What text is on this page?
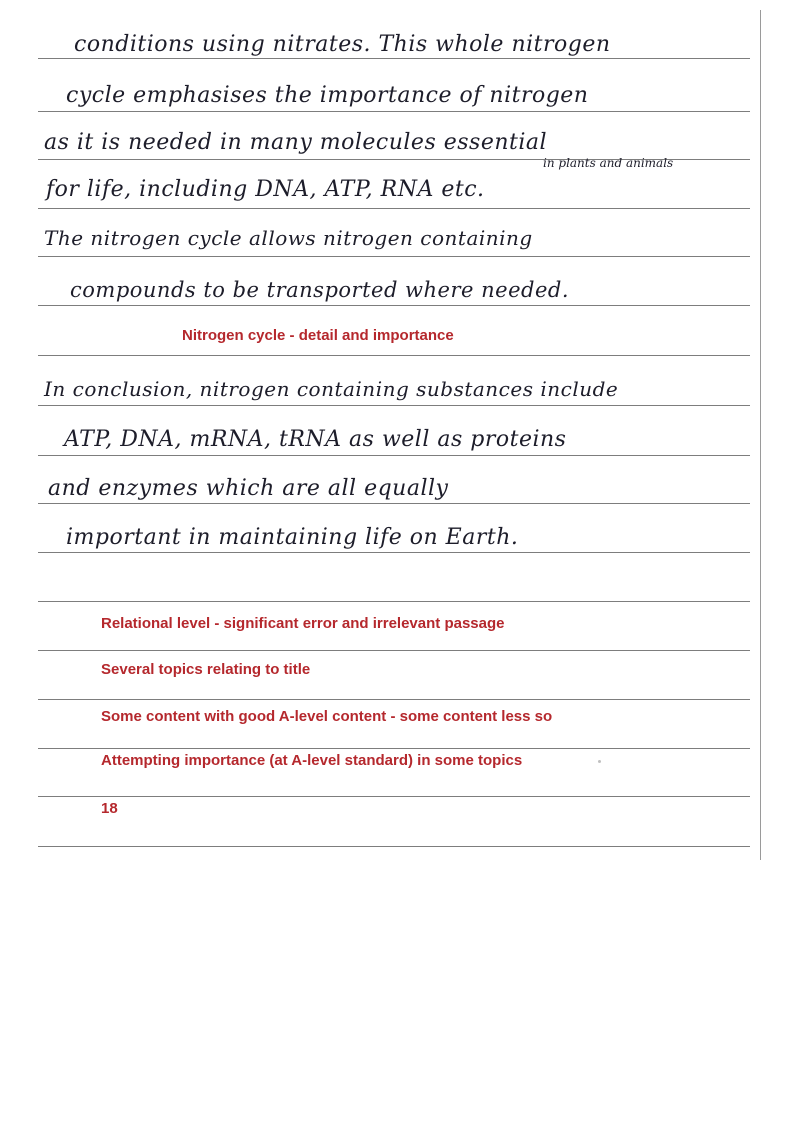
conditions using nitrates. This whole nitrogen
cycle emphasises the importance of nitrogen
as it is needed in many molecules essential
in plants and animals
for life, including DNA, ATP, RNA etc.
The nitrogen cycle allows nitrogen containing
compounds to be transported where needed.
Nitrogen cycle - detail and importance
In conclusion, nitrogen containing substances include
ATP, DNA, mRNA, tRNA as well as proteins
and enzymes which are all equally
important in maintaining life on Earth.
Relational level - significant error and irrelevant passage
Several topics relating to title
Some content with good A-level content - some content less so
Attempting importance (at A-level standard) in some topics
18
